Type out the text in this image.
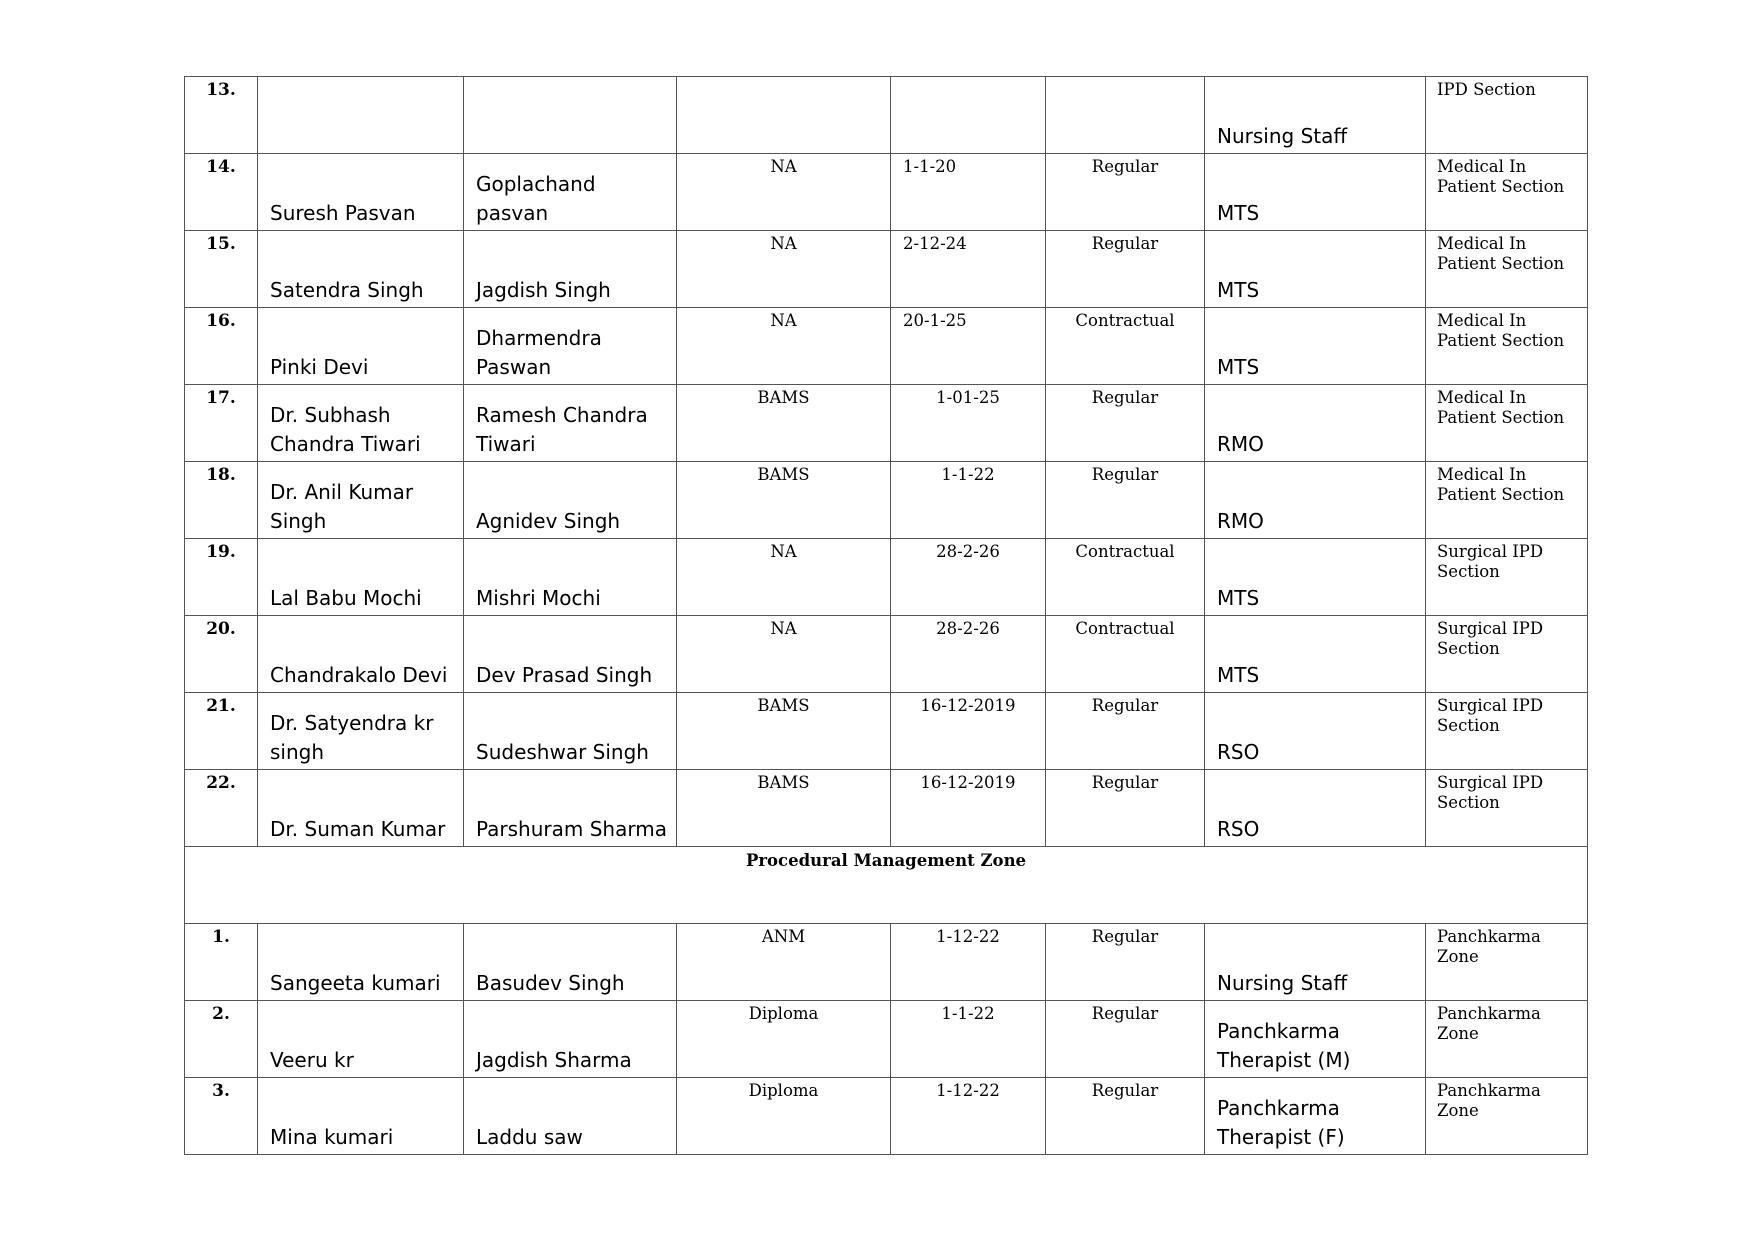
13.						Nursing Staff	IPD Section

14.	Suresh Pasvan	Goplachand pasvan	NA	1-1-20	Regular	MTS	Medical In Patient Section

15.	Satendra Singh	Jagdish Singh	NA	2-12-24	Regular	MTS	Medical In Patient Section

16.	Pinki Devi	Dharmendra Paswan	NA	20-1-25	Contractual	MTS	Medical In Patient Section

17.	Dr. Subhash Chandra Tiwari	Ramesh Chandra Tiwari	BAMS	1-01-25	Regular	RMO	Medical In Patient Section

18.	Dr. Anil Kumar Singh	Agnidev Singh	BAMS	1-1-22	Regular	RMO	Medical In Patient Section

19.	Lal Babu Mochi	Mishri Mochi	NA	28-2-26	Contractual	MTS	Surgical IPD Section

20.	Chandrakalo Devi	Dev Prasad Singh	NA	28-2-26	Contractual	MTS	Surgical IPD Section

21.	Dr. Satyendra kr singh	Sudeshwar Singh	BAMS	16-12-2019	Regular	RSO	Surgical IPD Section

22.	Dr. Suman Kumar	Parshuram Sharma	BAMS	16-12-2019	Regular	RSO	Surgical IPD Section

Procedural Management Zone							

1.	Sangeeta kumari	Basudev Singh	ANM	1-12-22	Regular	Nursing Staff	Panchkarma Zone

2.	Veeru kr	Jagdish Sharma	Diploma	1-1-22	Regular	Panchkarma Therapist (M)	Panchkarma Zone

3.	Mina kumari	Laddu saw	Diploma	1-12-22	Regular	Panchkarma Therapist (F)	Panchkarma Zone
